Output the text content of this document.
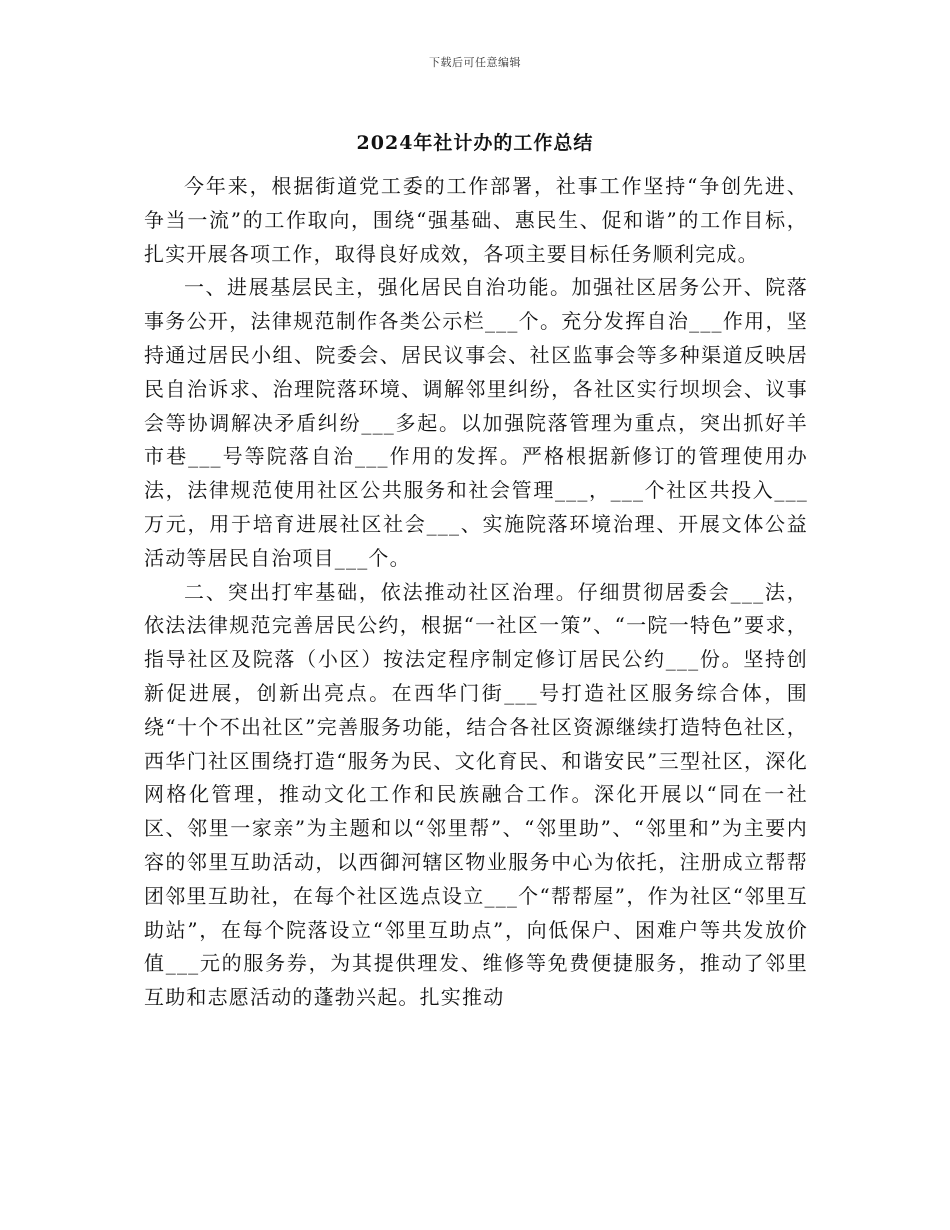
下载后可任意编辑
2024年社计办的工作总结

今年来，根据街道党工委的工作部署，社事工作坚持“争创先进、争当一流”的工作取向，围绕“强基础、惠民生、促和谐”的工作目标，扎实开展各项工作，取得良好成效，各项主要目标任务顺利完成。

一、进展基层民主，强化居民自治功能。加强社区居务公开、院落事务公开，法律规范制作各类公示栏___个。充分发挥自治___作用，坚持通过居民小组、院委会、居民议事会、社区监事会等多种渠道反映居民自治诉求、治理院落环境、调解邻里纠纷，各社区实行坝坝会、议事会等协调解决矛盾纠纷___多起。以加强院落管理为重点，突出抓好羊市巷___号等院落自治___作用的发挥。严格根据新修订的管理使用办法，法律规范使用社区公共服务和社会管理___，___个社区共投入___万元，用于培育进展社区社会___、实施院落环境治理、开展文体公益活动等居民自治项目___个。

二、突出打牢基础，依法推动社区治理。仔细贯彻居委会___法，依法法律规范完善居民公约，根据“一社区一策”、“一院一特色”要求，指导社区及院落（小区）按法定程序制定修订居民公约___份。坚持创新促进展，创新出亮点。在西华门街___号打造社区服务综合体，围绕“十个不出社区”完善服务功能，结合各社区资源继续打造特色社区，西华门社区围绕打造“服务为民、文化育民、和谐安民”三型社区，深化网格化管理，推动文化工作和民族融合工作。深化开展以“同在一社区、邻里一家亲”为主题和以“邻里帮”、“邻里助”、“邻里和”为主要内容的邻里互助活动，以西御河辖区物业服务中心为依托，注册成立帮帮团邻里互助社，在每个社区选点设立___个“帮帮屋”，作为社区“邻里互助站”，在每个院落设立“邻里互助点”，向低保户、困难户等共发放价值___元的服务券，为其提供理发、维修等免费便捷服务，推动了邻里互助和志愿活动的蓬勃兴起。扎实推动
